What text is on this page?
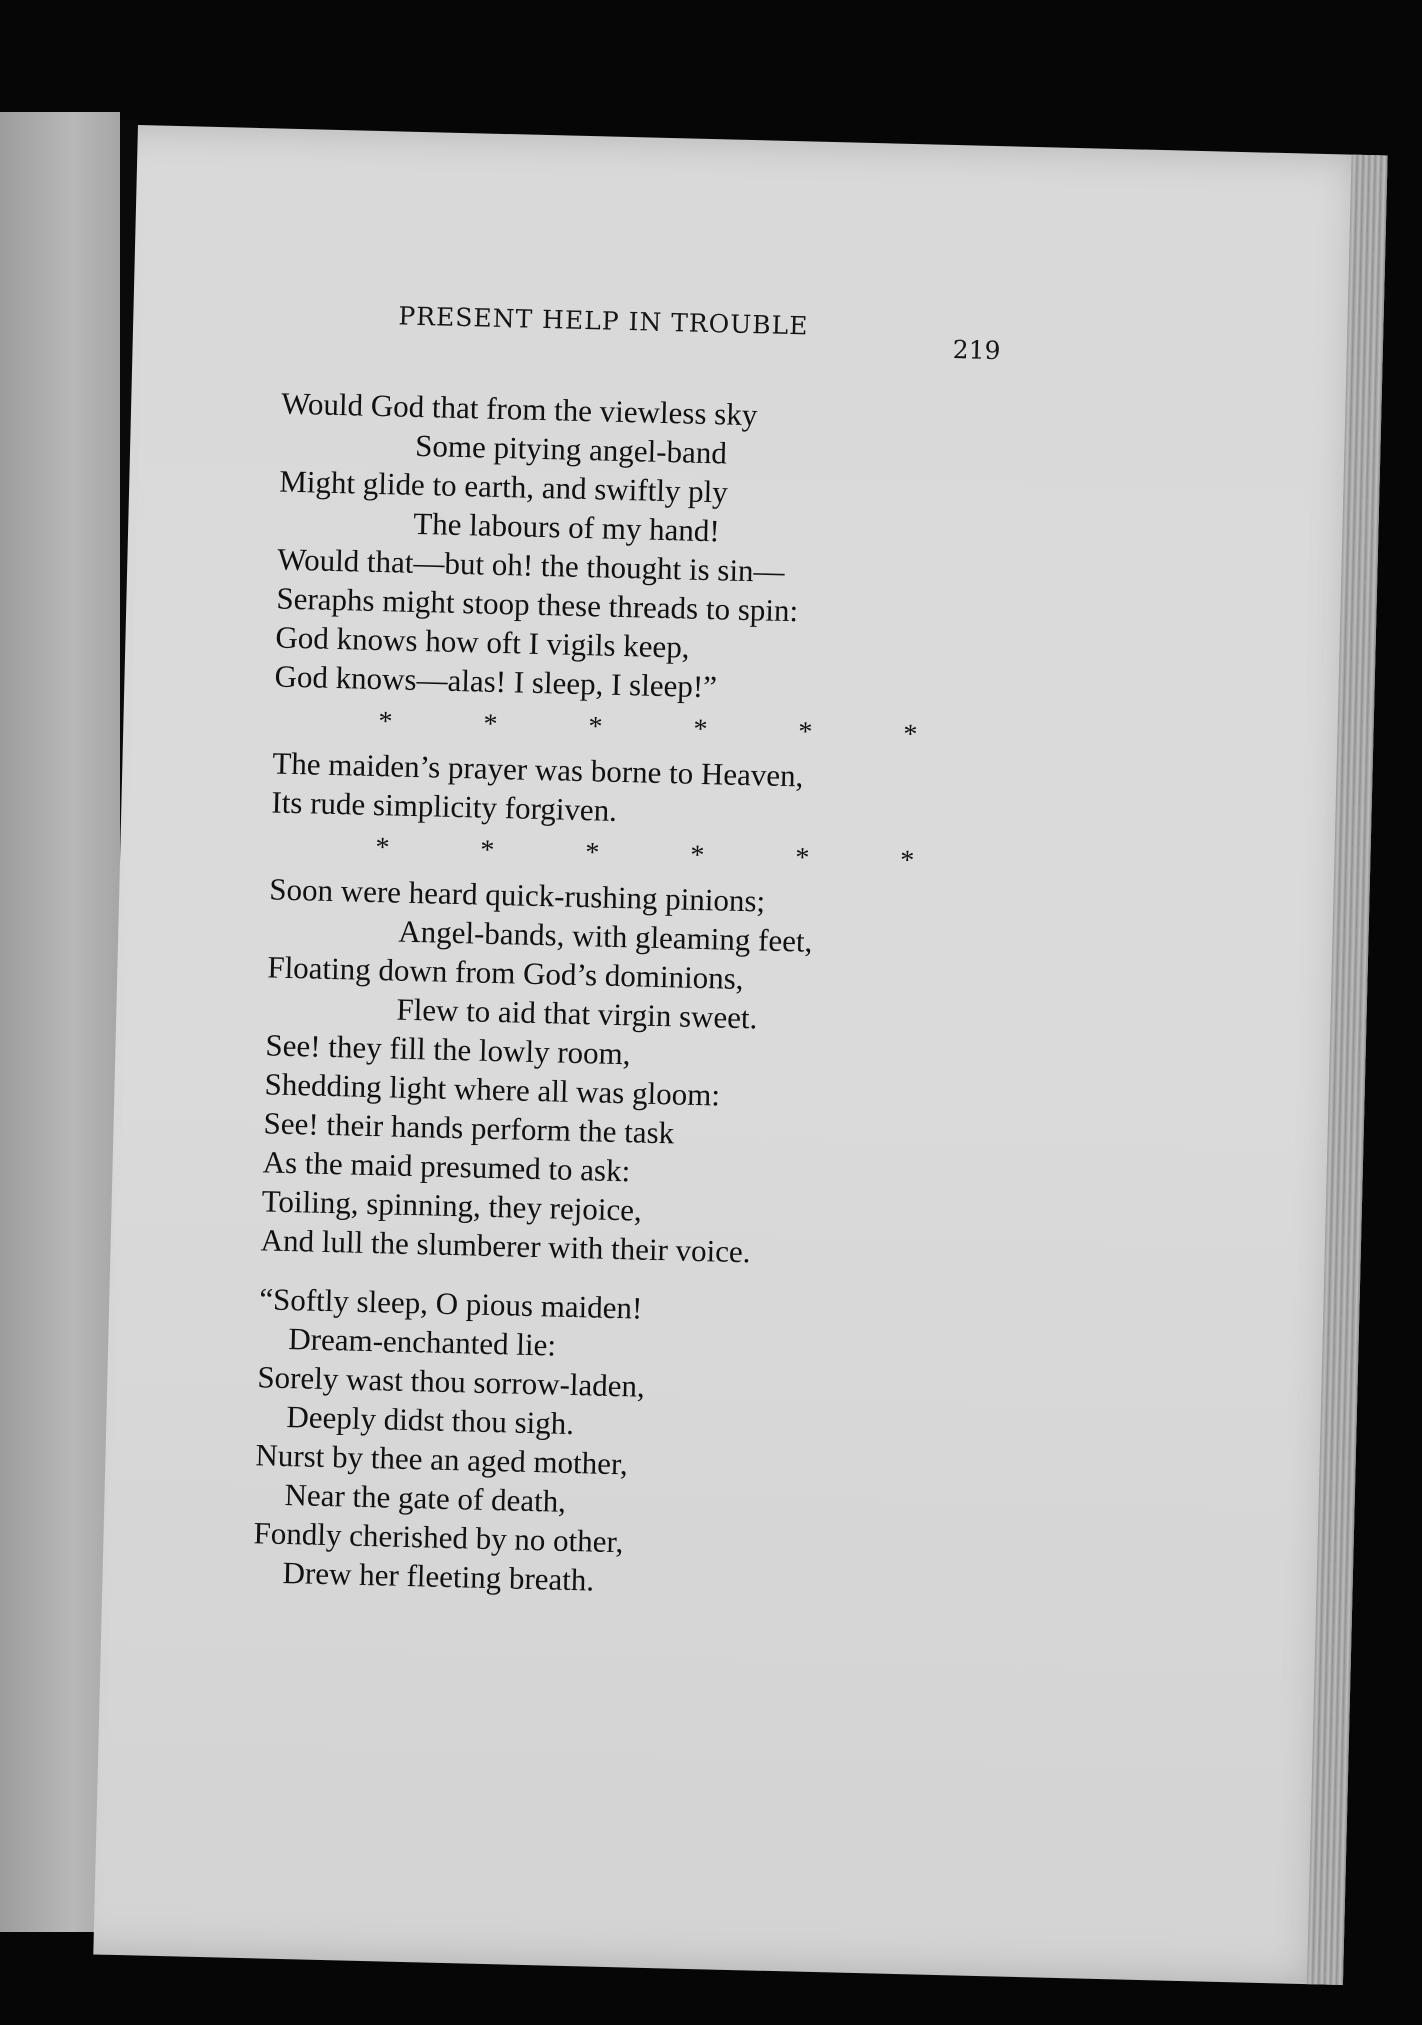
PRESENT HELP IN TROUBLE
219
Would God that from the viewless sky
Some pitying angel-band
Might glide to earth, and swiftly ply
The labours of my hand!
Would that—but oh! the thought is sin—
Seraphs might stoop these threads to spin:
God knows how oft I vigils keep,
God knows—alas! I sleep, I sleep!”
* * * * * *
The maiden’s prayer was borne to Heaven,
Its rude simplicity forgiven.
* * * * * *
Soon were heard quick-rushing pinions;
Angel-bands, with gleaming feet,
Floating down from God’s dominions,
Flew to aid that virgin sweet.
See! they fill the lowly room,
Shedding light where all was gloom:
See! their hands perform the task
As the maid presumed to ask:
Toiling, spinning, they rejoice,
And lull the slumberer with their voice.
“Softly sleep, O pious maiden!
Dream-enchanted lie:
Sorely wast thou sorrow-laden,
Deeply didst thou sigh.
Nurst by thee an aged mother,
Near the gate of death,
Fondly cherished by no other,
Drew her fleeting breath.
